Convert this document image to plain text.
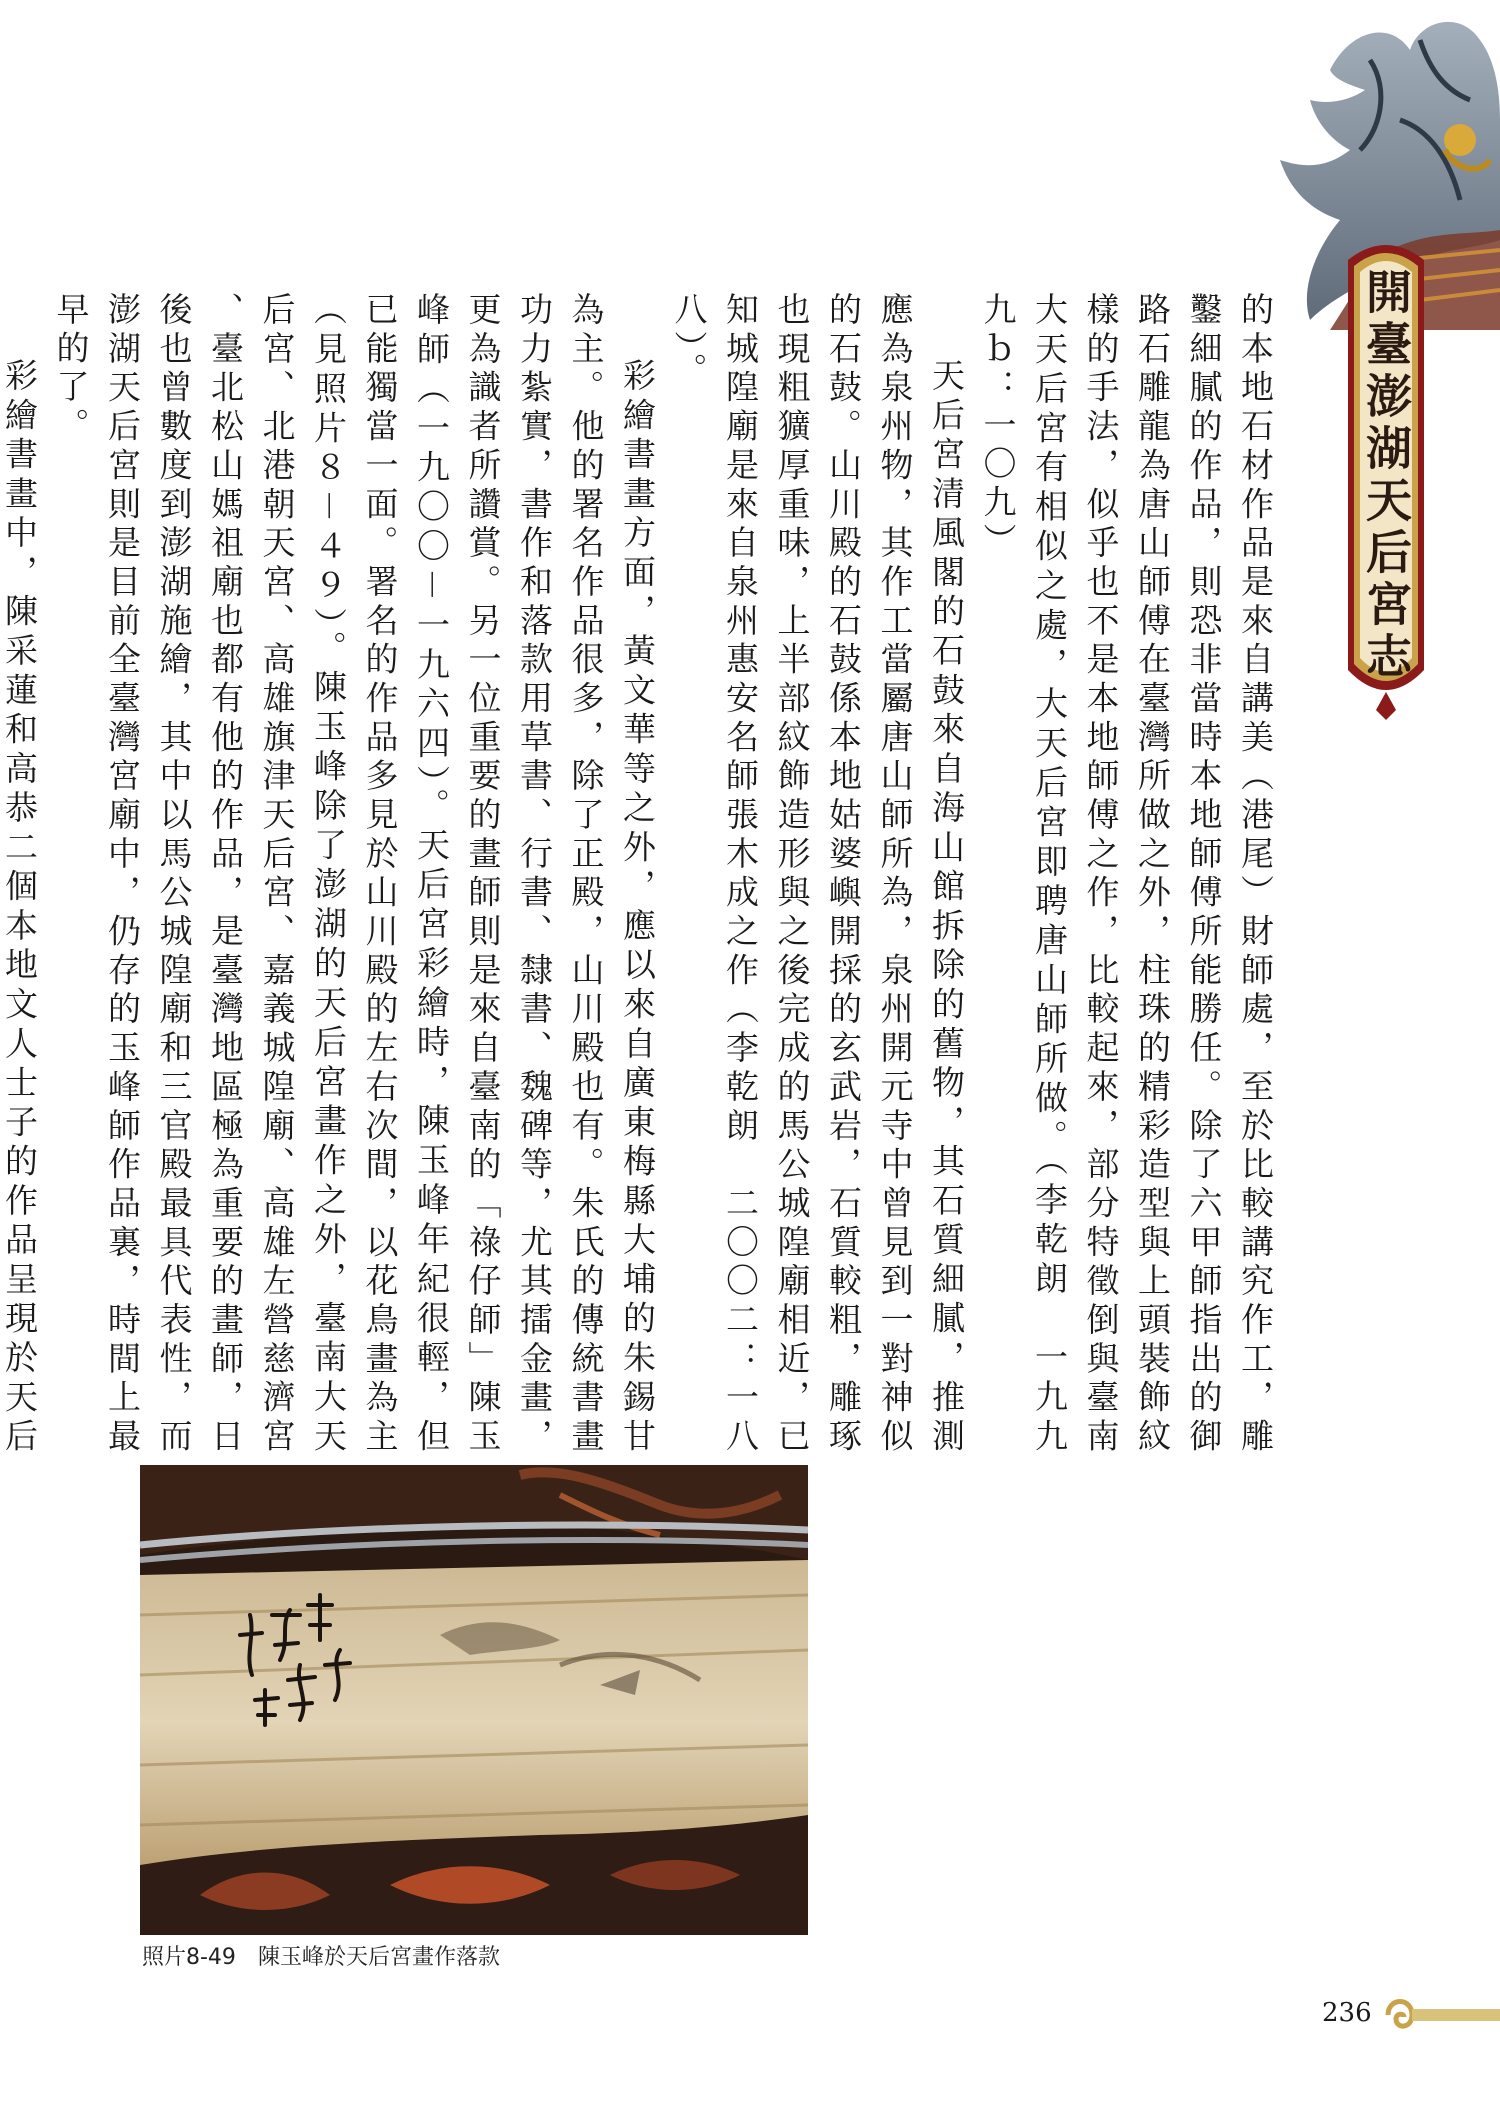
開臺澎湖天后宮志

的本地石材作品是來自講美（港尾）財師處，至於比較講究作工，雕鑿細膩的作品，則恐非當時本地師傅所能勝任。除了六甲師指出的御路石雕龍為唐山師傅在臺灣所做之外，柱珠的精彩造型與上頭裝飾紋樣的手法，似乎也不是本地師傅之作，比較起來，部分特徵倒與臺南大天后宮有相似之處，大天后宮即聘唐山師所做。（李乾朗　一九九九ｂ：一〇九）

天后宮清風閣的石鼓來自海山館拆除的舊物，其石質細膩，推測應為泉州物，其作工當屬唐山師所為，泉州開元寺中曾見到一對神似的石鼓。山川殿的石鼓係本地姑婆嶼開採的玄武岩，石質較粗，雕琢也現粗獷厚重味，上半部紋飾造形與之後完成的馬公城隍廟相近，已知城隍廟是來自泉州惠安名師張木成之作（李乾朗　二〇〇二：一八八）。

彩繪書畫方面，黃文華等之外，應以來自廣東梅縣大埔的朱錫甘為主。他的署名作品很多，除了正殿，山川殿也有。朱氏的傳統書畫功力紮實，書作和落款用草書、行書、隸書、魏碑等，尤其擂金畫，更為識者所讚賞。另一位重要的畫師則是來自臺南的「祿仔師」陳玉峰師（一九〇〇－一九六四）。天后宮彩繪時，陳玉峰年紀很輕，但已能獨當一面。署名的作品多見於山川殿的左右次間，以花鳥畫為主（見照片８－４９）。陳玉峰除了澎湖的天后宮畫作之外，臺南大天后宮、北港朝天宮、高雄旗津天后宮、嘉義城隍廟、高雄左營慈濟宮、臺北松山媽祖廟也都有他的作品，是臺灣地區極為重要的畫師，日後也曾數度到澎湖施繪，其中以馬公城隍廟和三官殿最具代表性，而澎湖天后宮則是目前全臺灣宮廟中，仍存的玉峰師作品裏，時間上最早的了。

彩繪書畫中，陳采蓮和高恭二個本地文人士子的作品呈現於天后

照片8-49 陳玉峰於天后宮畫作落款
236
